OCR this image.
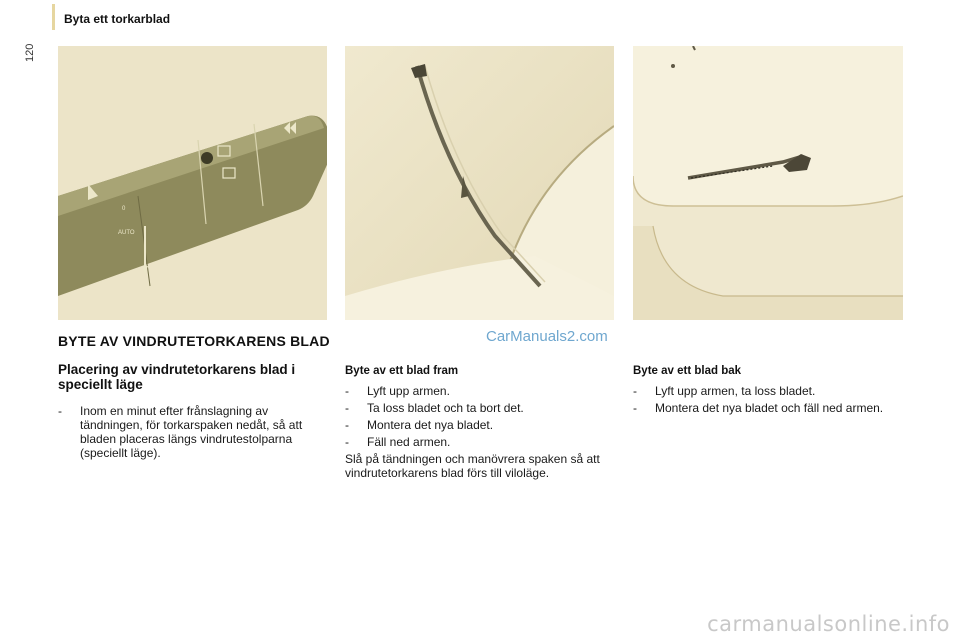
Byta ett torkarblad
120
AUTO
0
BYTE AV VINDRUTETORKARENS BLAD	CarManuals2.com
Placering av vindrutetorkarens blad i speciellt läge
-	Inom en minut efter frånslagning av tändningen, för torkarspaken nedåt, så att bladen placeras längs vindrutestolparna (speciellt läge).
Byte av ett blad fram
-	Lyft upp armen.
-	Ta loss bladet och ta bort det.
-	Montera det nya bladet.
-	Fäll ned armen.
Slå på tändningen och manövrera spaken så att vindrutetorkarens blad förs till viloläge.
Byte av ett blad bak
-	Lyft upp armen, ta loss bladet.
-	Montera det nya bladet och fäll ned armen.
carmanualsonline.info
